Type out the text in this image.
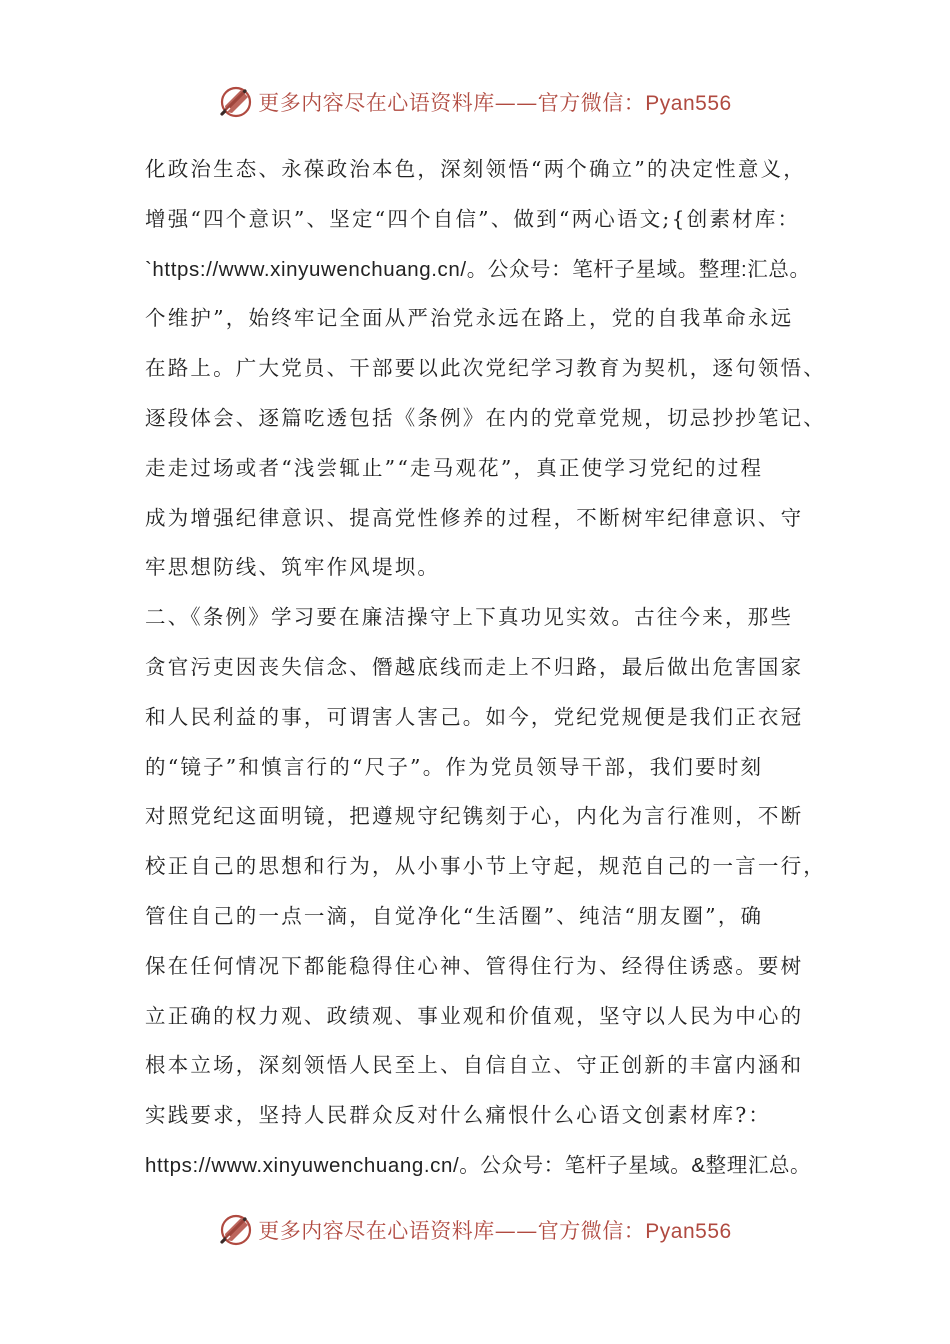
更多内容尽在心语资料库——官方微信：Pyan556
化政治生态、永葆政治本色，深刻领悟“两个确立”的决定性意义，
增强“四个意识”、坚定“四个自信”、做到“两心语文;{创素材库：
`https://www.xinyuwenchuang.cn/。公众号：笔杆子星域。整理:汇总。
个维护”，始终牢记全面从严治党永远在路上，党的自我革命永远
在路上。广大党员、干部要以此次党纪学习教育为契机，逐句领悟、
逐段体会、逐篇吃透包括《条例》在内的党章党规，切忌抄抄笔记、
走走过场或者“浅尝辄止”“走马观花”，真正使学习党纪的过程
成为增强纪律意识、提高党性修养的过程，不断树牢纪律意识、守
牢思想防线、筑牢作风堤坝。
二、《条例》学习要在廉洁操守上下真功见实效。古往今来，那些
贪官污吏因丧失信念、僭越底线而走上不归路，最后做出危害国家
和人民利益的事，可谓害人害己。如今，党纪党规便是我们正衣冠
的“镜子”和慎言行的“尺子”。作为党员领导干部，我们要时刻
对照党纪这面明镜，把遵规守纪镌刻于心，内化为言行准则，不断
校正自己的思想和行为，从小事小节上守起，规范自己的一言一行，
管住自己的一点一滴，自觉净化“生活圈”、纯洁“朋友圈”，确
保在任何情况下都能稳得住心神、管得住行为、经得住诱惑。要树
立正确的权力观、政绩观、事业观和价值观，坚守以人民为中心的
根本立场，深刻领悟人民至上、自信自立、守正创新的丰富内涵和
实践要求，坚持人民群众反对什么痛恨什么心语文创素材库?：
https://www.xinyuwenchuang.cn/。公众号：笔杆子星域。&整理汇总。
更多内容尽在心语资料库——官方微信：Pyan556
